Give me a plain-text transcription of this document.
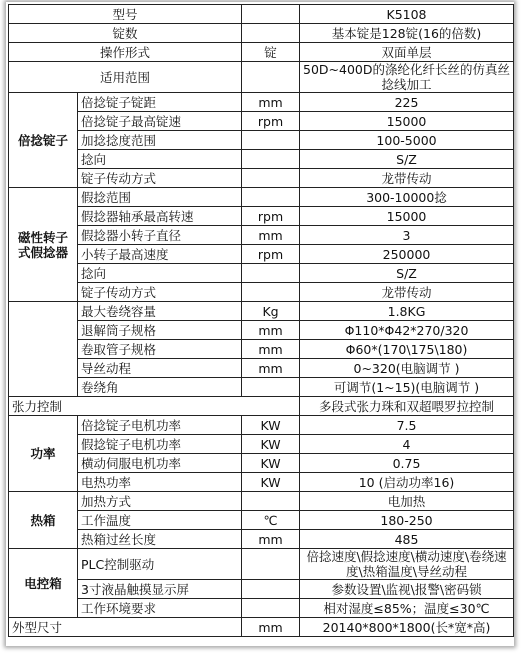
型号			K5108
锭数			基本锭是128锭(16的倍数)
操作形式		锭	双面单层
适用范围			50D~400D的涤纶化纤长丝的仿真丝捻线加工
倍捻锭子	倍捻锭子锭距	mm	225
	倍捻锭子最高锭速	rpm	15000
	加捻捻度范围		100-5000
	捻向		S/Z
	锭子传动方式		龙带传动
磁性转子式假捻器	假捻范围		300-10000捻
	假捻器轴承最高转速	rpm	15000
	假捻器小转子直径	mm	3
	小转子最高速度	rpm	250000
	捻向		S/Z
	锭子传动方式		龙带传动
	最大卷绕容量	Kg	1.8KG
	退解筒子规格	mm	Φ110*Φ42*270/320
	卷取管子规格	mm	Φ60*(170\175\180)
	导丝动程	mm	0~320(电脑调节 )
	卷绕角		可调节(1~15)(电脑调节 )
张力控制			多段式张力珠和双超喂罗拉控制
功率	倍捻锭子电机功率	KW	7.5
	假捻锭子电机功率	KW	4
	横动伺服电机功率	KW	0.75
	电热功率	KW	10 (启动功率16)
热箱	加热方式		电加热
	工作温度	℃	180-250
	热箱过丝长度	mm	485
电控箱	PLC控制驱动		倍捻速度\假捻速度\横动速度\卷绕速度\热箱温度\导丝动程
	3寸液晶触摸显示屏		参数设置\监视\报警\密码锁
	工作环境要求		相对湿度≤85%；温度≤30℃
外型尺寸		mm	20140*800*1800(长*宽*高)
